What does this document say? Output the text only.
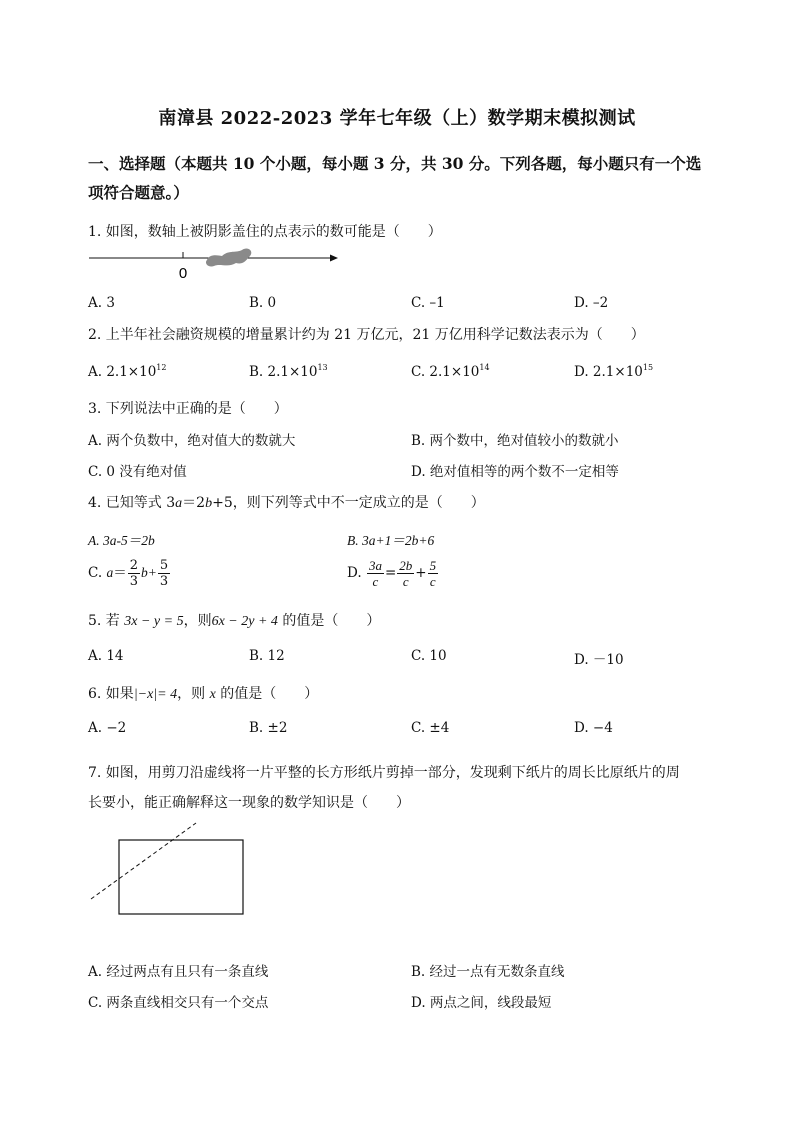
南漳县 2022-2023 学年七年级（上）数学期末模拟测试
一、选择题（本题共 10 个小题，每小题 3 分，共 30 分。下列各题，每小题只有一个选
项符合题意。）
1. 如图，数轴上被阴影盖住的点表示的数可能是（　　）
0
A. 3	B. 0	C. –1	D. –2
2. 上半年社会融资规模的增量累计约为 21 万亿元，21 万亿用科学记数法表示为（　　）
A. $2.1\times 10^{12}$	B. $2.1\times 10^{13}$	C. $2.1\times 10^{14}$	D. $2.1\times 10^{15}$
3. 下列说法中正确的是（　　）
A. 两个负数中，绝对值大的数就大	B. 两个数中，绝对值较小的数就小
C. 0 没有绝对值	D. 绝对值相等的两个数不一定相等
4. 已知等式 3a＝2b+5，则下列等式中不一定成立的是（　　）
A. 3a-5＝2b	B. 3a+1＝2b+6
C. $a= \frac{2}{3} b+ \frac{5}{3}$	D. $\frac{3a}{c} = \frac{2b}{c} + \frac{5}{c}$
5. 若 3x − y = 5，则6x − 2y + 4 的值是（　　）
A. 14	B. 12	C. 10	D. －10
6. 如果|−x|= 4，则 x 的值是（　　）
A. −2	B. ±2	C. ±4	D. −4
7. 如图，用剪刀沿虚线将一片平整的长方形纸片剪掉一部分，发现剩下纸片的周长比原纸片的周
长要小，能正确解释这一现象的数学知识是（　　）
A. 经过两点有且只有一条直线	B. 经过一点有无数条直线
C. 两条直线相交只有一个交点	D. 两点之间，线段最短
